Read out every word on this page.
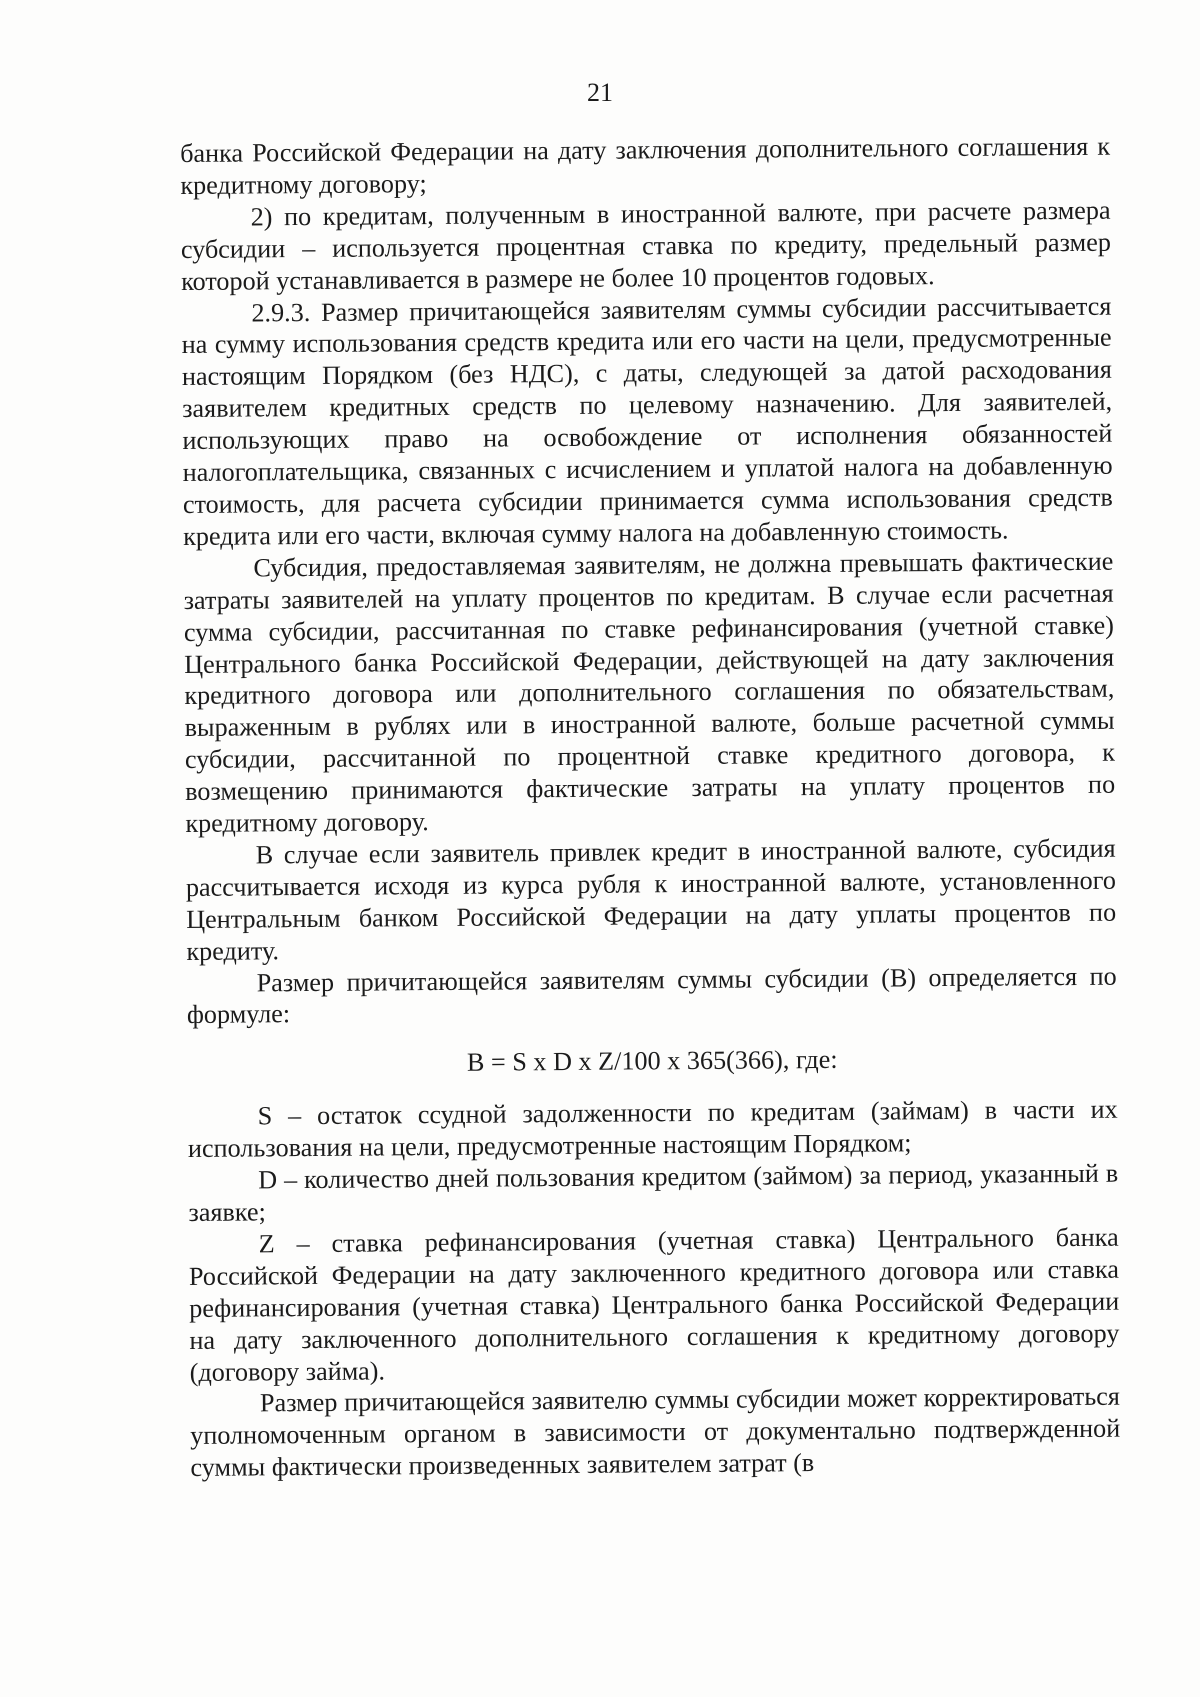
21

банка Российской Федерации на дату заключения дополнительного соглашения к кредитному договору;

2) по кредитам, полученным в иностранной валюте, при расчете размера субсидии – используется процентная ставка по кредиту, предельный размер которой устанавливается в размере не более 10 процентов годовых.

2.9.3. Размер причитающейся заявителям суммы субсидии рассчитывается на сумму использования средств кредита или его части на цели, предусмотренные настоящим Порядком (без НДС), с даты, следующей за датой расходования заявителем кредитных средств по целевому назначению. Для заявителей, использующих право на освобождение от исполнения обязанностей налогоплательщика, связанных с исчислением и уплатой налога на добавленную стоимость, для расчета субсидии принимается сумма использования средств кредита или его части, включая сумму налога на добавленную стоимость.

Субсидия, предоставляемая заявителям, не должна превышать фактические затраты заявителей на уплату процентов по кредитам. В случае если расчетная сумма субсидии, рассчитанная по ставке рефинансирования (учетной ставке) Центрального банка Российской Федерации, действующей на дату заключения кредитного договора или дополнительного соглашения по обязательствам, выраженным в рублях или в иностранной валюте, больше расчетной суммы субсидии, рассчитанной по процентной ставке кредитного договора, к возмещению принимаются фактические затраты на уплату процентов по кредитному договору.

В случае если заявитель привлек кредит в иностранной валюте, субсидия рассчитывается исходя из курса рубля к иностранной валюте, установленного Центральным банком Российской Федерации на дату уплаты процентов по кредиту.

Размер причитающейся заявителям суммы субсидии (В) определяется по формуле:

В = S x D x Z/100 x 365(366), где:

S – остаток ссудной задолженности по кредитам (займам) в части их использования на цели, предусмотренные настоящим Порядком;

D – количество дней пользования кредитом (займом) за период, указанный в заявке;

Z – ставка рефинансирования (учетная ставка) Центрального банка Российской Федерации на дату заключенного кредитного договора или ставка рефинансирования (учетная ставка) Центрального банка Российской Федерации на дату заключенного дополнительного соглашения к кредитному договору (договору займа).

Размер причитающейся заявителю суммы субсидии может корректироваться уполномоченным органом в зависимости от документально подтвержденной суммы фактически произведенных заявителем затрат (в
